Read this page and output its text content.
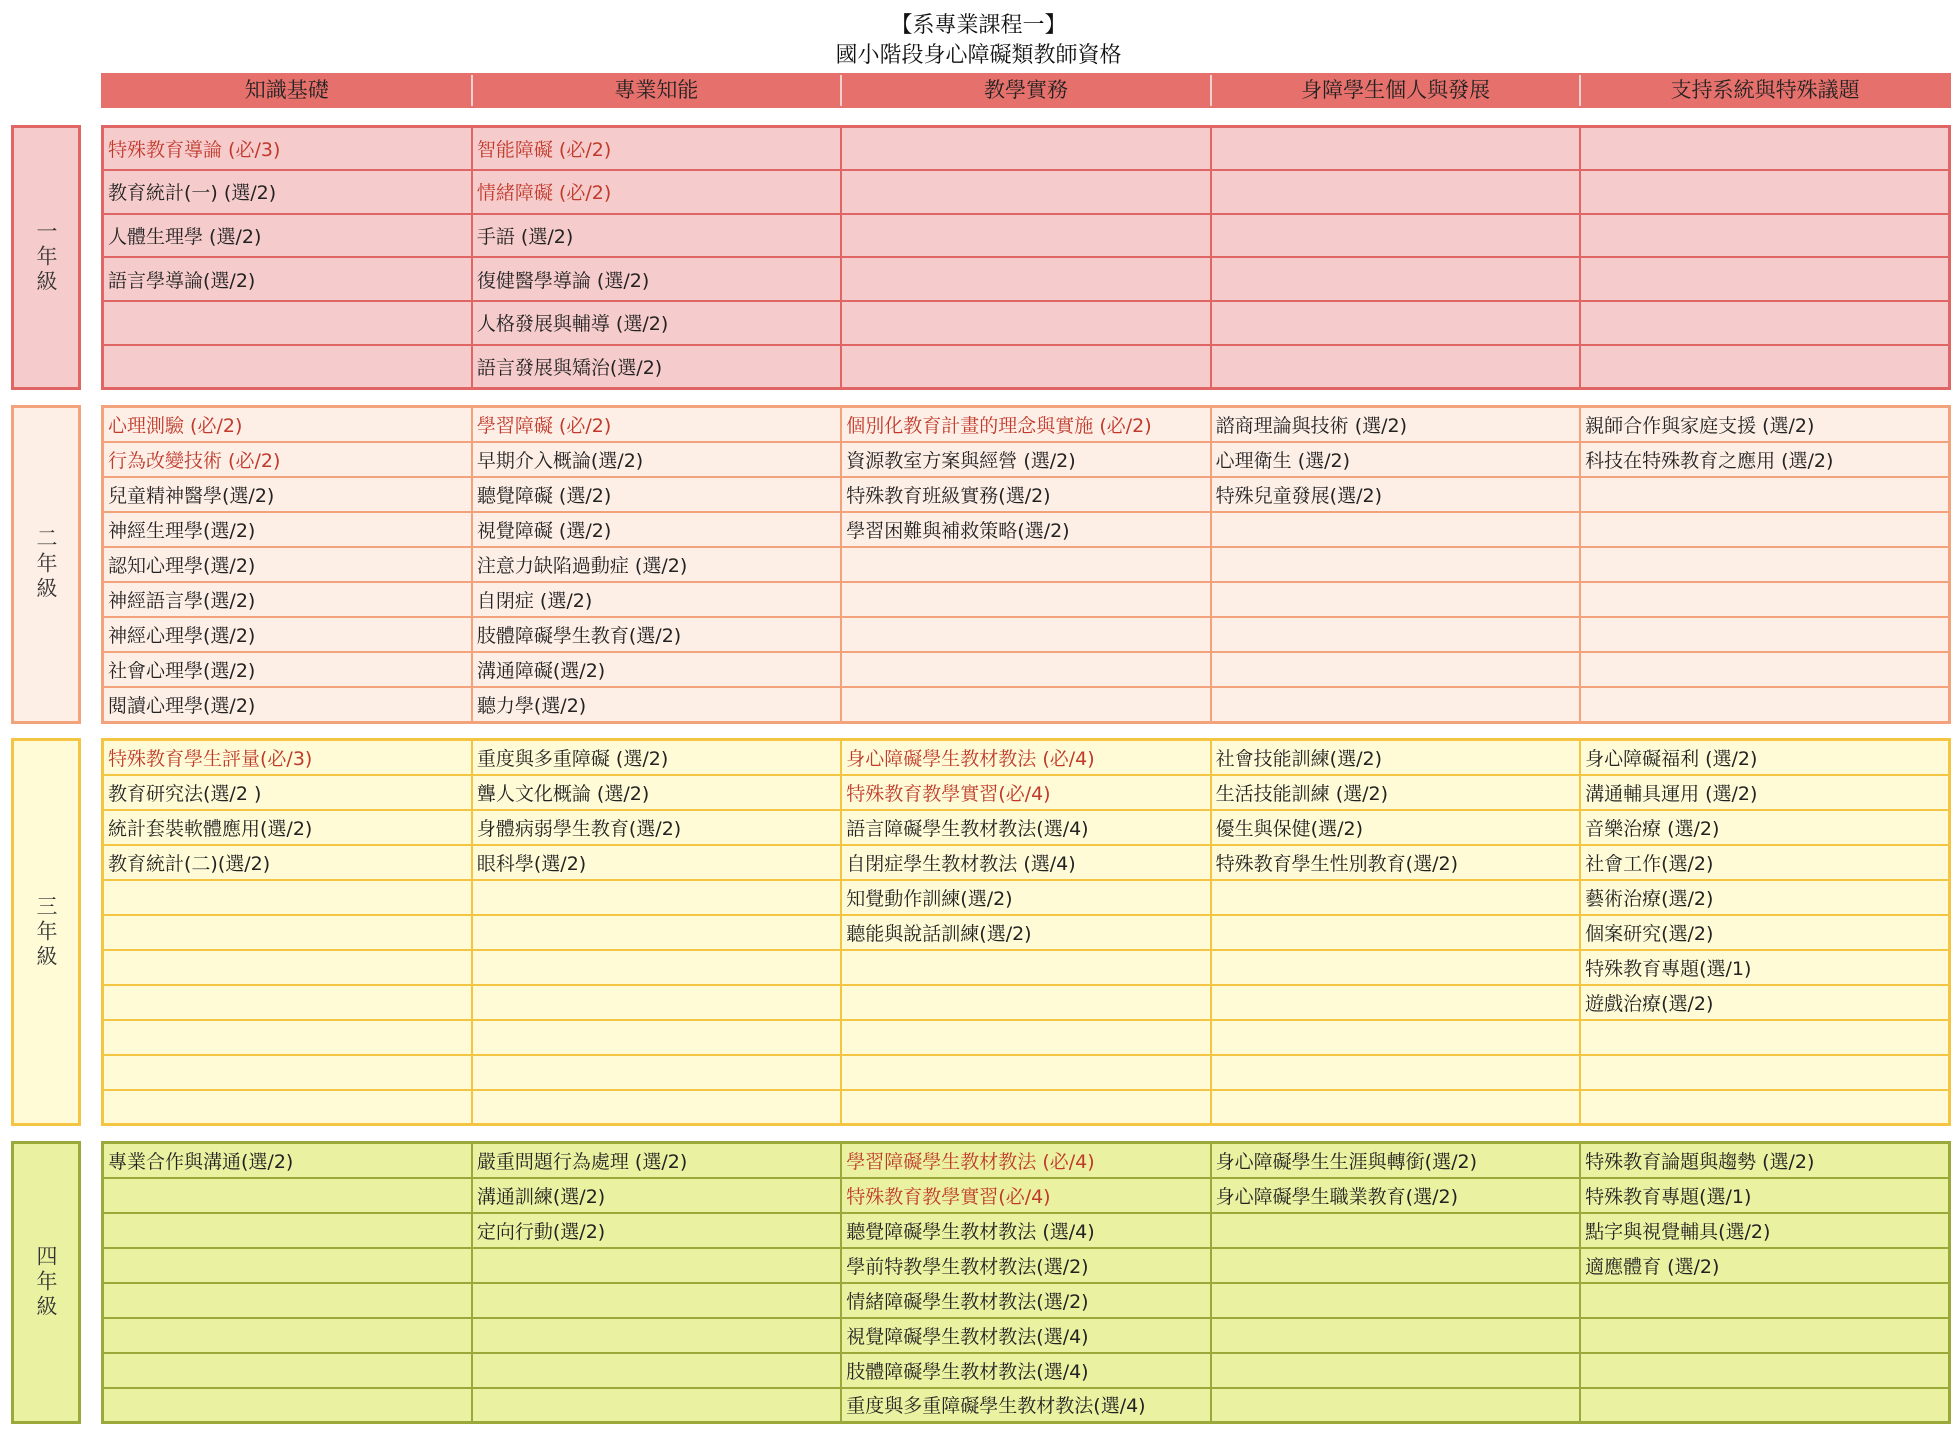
【系專業課程一】
國小階段身心障礙類教師資格
知識基礎	專業知能	教學實務	身障學生個人與發展	支持系統與特殊議題
一年級
特殊教育導論 (必/3)	智能障礙 (必/2)			
教育統計(一) (選/2)	情緒障礙 (必/2)			
人體生理學 (選/2)	手語 (選/2)			
語言學導論(選/2)	復健醫學導論 (選/2)			
	人格發展與輔導 (選/2)			
	語言發展與矯治(選/2)			
二年級
心理測驗 (必/2)	學習障礙 (必/2)	個別化教育計畫的理念與實施 (必/2)	諮商理論與技術 (選/2)	親師合作與家庭支援 (選/2)
行為改變技術 (必/2)	早期介入概論(選/2)	資源教室方案與經營 (選/2)	心理衛生 (選/2)	科技在特殊教育之應用 (選/2)
兒童精神醫學(選/2)	聽覺障礙 (選/2)	特殊教育班級實務(選/2)	特殊兒童發展(選/2)	
神經生理學(選/2)	視覺障礙 (選/2)	學習困難與補救策略(選/2)		
認知心理學(選/2)	注意力缺陷過動症 (選/2)			
神經語言學(選/2)	自閉症 (選/2)			
神經心理學(選/2)	肢體障礙學生教育(選/2)			
社會心理學(選/2)	溝通障礙(選/2)			
閱讀心理學(選/2)	聽力學(選/2)			
三年級
特殊教育學生評量(必/3)	重度與多重障礙 (選/2)	身心障礙學生教材教法 (必/4)	社會技能訓練(選/2)	身心障礙福利 (選/2)
教育研究法(選/2 )	聾人文化概論 (選/2)	特殊教育教學實習(必/4)	生活技能訓練 (選/2)	溝通輔具運用 (選/2)
統計套裝軟體應用(選/2)	身體病弱學生教育(選/2)	語言障礙學生教材教法(選/4)	優生與保健(選/2)	音樂治療 (選/2)
教育統計(二)(選/2)	眼科學(選/2)	自閉症學生教材教法 (選/4)	特殊教育學生性別教育(選/2)	社會工作(選/2)
		知覺動作訓練(選/2)		藝術治療(選/2)
		聽能與說話訓練(選/2)		個案研究(選/2)
				特殊教育專題(選/1)
				遊戲治療(選/2)

四年級
專業合作與溝通(選/2)	嚴重問題行為處理 (選/2)	學習障礙學生教材教法 (必/4)	身心障礙學生生涯與轉銜(選/2)	特殊教育論題與趨勢 (選/2)
	溝通訓練(選/2)	特殊教育教學實習(必/4)	身心障礙學生職業教育(選/2)	特殊教育專題(選/1)
	定向行動(選/2)	聽覺障礙學生教材教法 (選/4)		點字與視覺輔具(選/2)
		學前特教學生教材教法(選/2)		適應體育 (選/2)
		情緒障礙學生教材教法(選/2)		
		視覺障礙學生教材教法(選/4)		
		肢體障礙學生教材教法(選/4)		
		重度與多重障礙學生教材教法(選/4)		
